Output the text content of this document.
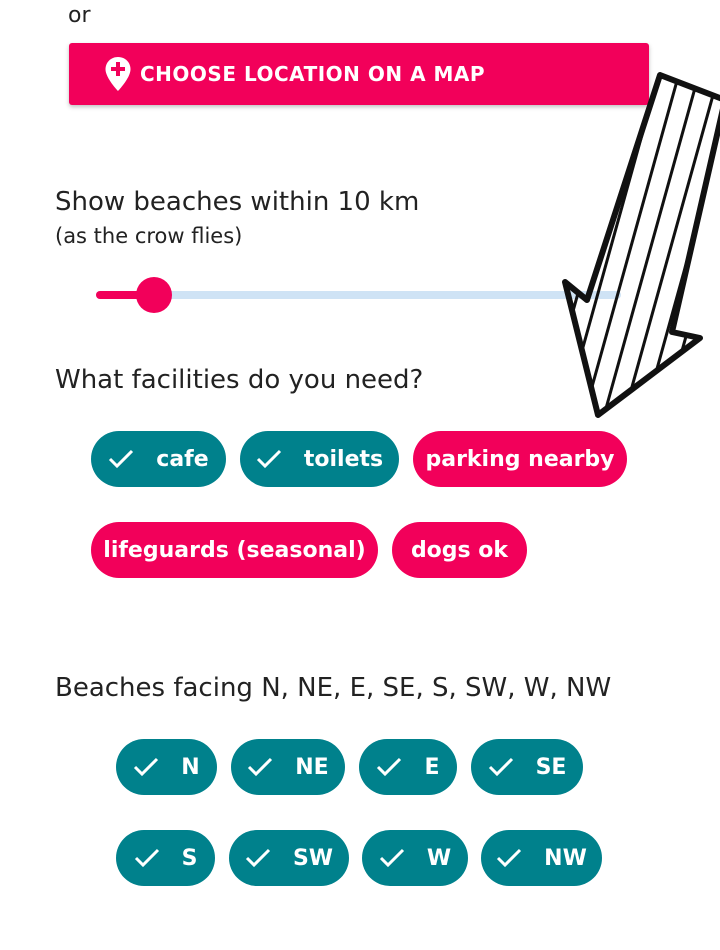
or
CHOOSE LOCATION ON A MAP
Show beaches within 10 km
(as the crow flies)
What facilities do you need?
cafe	toilets parking nearby
lifeguards (seasonal) dogs ok
Beaches facing N, NE, E, SE, S, SW, W, NW
N	NE	E	SE
S	SW	W	NW
